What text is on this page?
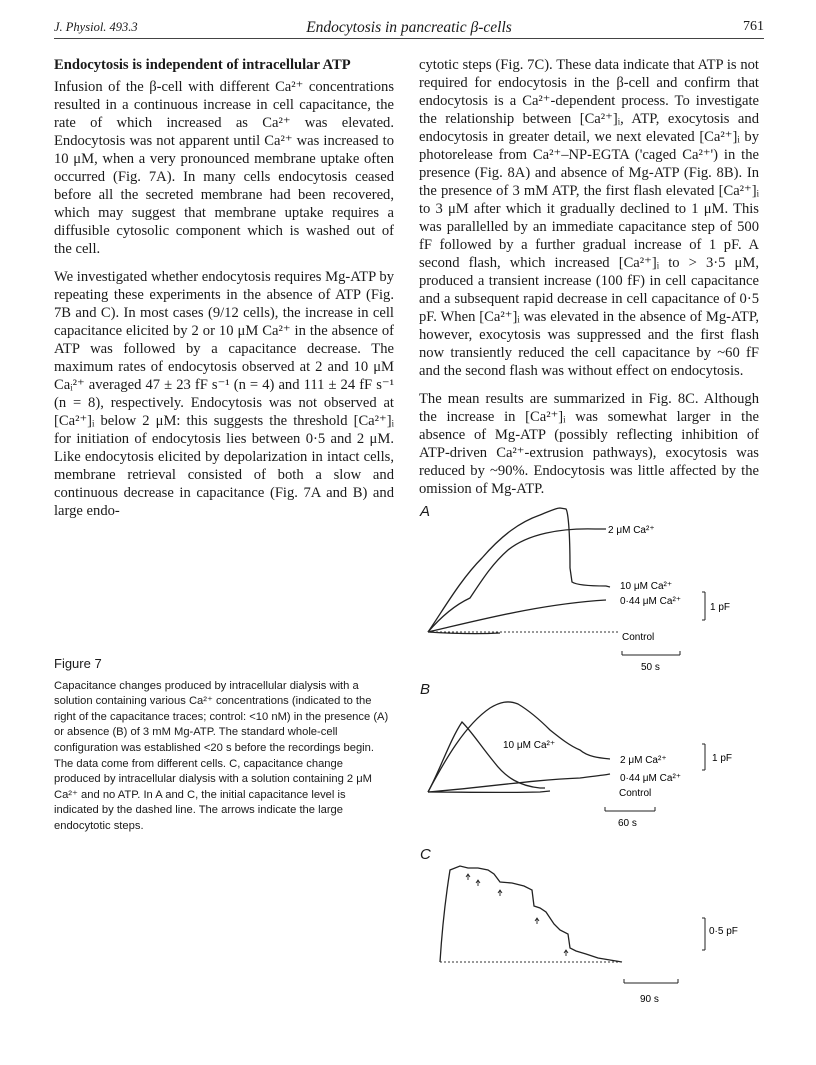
J. Physiol. 493.3	Endocytosis in pancreatic β-cells	761
Endocytosis is independent of intracellular ATP

Infusion of the β-cell with different Ca²⁺ concentrations resulted in a continuous increase in cell capacitance, the rate of which increased as Ca²⁺ was elevated. Endocytosis was not apparent until Ca²⁺ was increased to 10 μM, when a very pronounced membrane uptake often occurred (Fig. 7A). In many cells endocytosis ceased before all the secreted membrane had been recovered, which may suggest that membrane uptake requires a diffusible cytosolic component which is washed out of the cell.

We investigated whether endocytosis requires Mg-ATP by repeating these experiments in the absence of ATP (Fig. 7B and C). In most cases (9/12 cells), the increase in cell capacitance elicited by 2 or 10 μM Ca²⁺ in the absence of ATP was followed by a capacitance decrease. The maximum rates of endocytosis observed at 2 and 10 μM Caᵢ²⁺ averaged 47 ± 23 fF s⁻¹ (n = 4) and 111 ± 24 fF s⁻¹ (n = 8), respectively. Endocytosis was not observed at [Ca²⁺]ᵢ below 2 μM: this suggests the threshold [Ca²⁺]ᵢ for initiation of endocytosis lies between 0·5 and 2 μM. Like endocytosis elicited by depolarization in intact cells, membrane retrieval consisted of both a slow and continuous decrease in capacitance (Fig. 7A and B) and large endo-

cytotic steps (Fig. 7C). These data indicate that ATP is not required for endocytosis in the β-cell and confirm that endocytosis is a Ca²⁺-dependent process. To investigate the relationship between [Ca²⁺]ᵢ, ATP, exocytosis and endocytosis in greater detail, we next elevated [Ca²⁺]ᵢ by photorelease from Ca²⁺–NP-EGTA ('caged Ca²⁺') in the presence (Fig. 8A) and absence of Mg-ATP (Fig. 8B). In the presence of 3 mM ATP, the first flash elevated [Ca²⁺]ᵢ to 3 μM after which it gradually declined to 1 μM. This was parallelled by an immediate capacitance step of 500 fF followed by a further gradual increase of 1 pF. A second flash, which increased [Ca²⁺]ᵢ to > 3·5 μM, produced a transient increase (100 fF) in cell capacitance and a subsequent rapid decrease in cell capacitance of 0·5 pF. When [Ca²⁺]ᵢ was elevated in the absence of Mg-ATP, however, exocytosis was suppressed and the first flash now transiently reduced the cell capacitance by ~60 fF and the second flash was without effect on endocytosis.

The mean results are summarized in Fig. 8C. Although the increase in [Ca²⁺]ᵢ was somewhat larger in the absence of Mg-ATP (possibly reflecting inhibition of ATP-driven Ca²⁺-extrusion pathways), exocytosis was reduced by ~90%. Endocytosis was little affected by the omission of Mg-ATP.

Figure 7
Capacitance changes produced by intracellular dialysis with a solution containing various Ca²⁺ concentrations (indicated to the right of the capacitance traces; control: <10 nM) in the presence (A) or absence (B) of 3 mM Mg-ATP. The standard whole-cell configuration was established <20 s before the recordings begin. The data come from different cells. C, capacitance change produced by intracellular dialysis with a solution containing 2 μM Ca²⁺ and no ATP. In A and C, the initial capacitance level is indicated by the dashed line. The arrows indicate the large endocytotic steps.
A
B
C
2 μM Ca²⁺
10 μM Ca²⁺
0·44 μM Ca²⁺
Control
1 pF
50 s
10 μM Ca²⁺
2 μM Ca²⁺
0·44 μM Ca²⁺
Control
1 pF
60 s
0·5 pF
90 s
